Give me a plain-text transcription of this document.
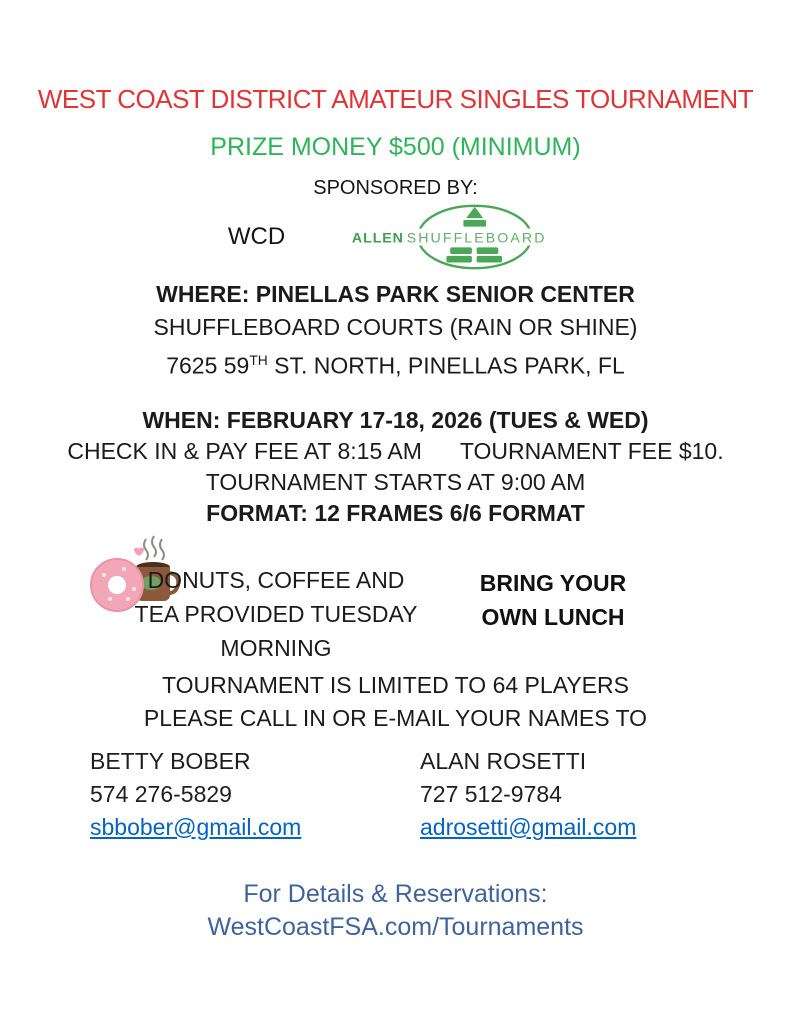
WEST COAST DISTRICT AMATEUR SINGLES TOURNAMENT
PRIZE MONEY $500 (MINIMUM)
SPONSORED BY:
WCD	ALLEN SHUFFLEBOARD
WHERE: PINELLAS PARK SENIOR CENTER
SHUFFLEBOARD COURTS (RAIN OR SHINE)
7625 59TH ST. NORTH, PINELLAS PARK, FL
WHEN: FEBRUARY 17-18, 2026 (TUES & WED)
CHECK IN & PAY FEE AT 8:15 AM TOURNAMENT FEE $10.
TOURNAMENT STARTS AT 9:00 AM
FORMAT: 12 FRAMES 6/6 FORMAT
DONUTS, COFFEE AND
TEA PROVIDED TUESDAY
MORNING
BRING YOUR
OWN LUNCH
TOURNAMENT IS LIMITED TO 64 PLAYERS
PLEASE CALL IN OR E-MAIL YOUR NAMES TO
BETTY BOBER
574 276-5829
sbbober@gmail.com
ALAN ROSETTI
727 512-9784
adrosetti@gmail.com
For Details & Reservations:
WestCoastFSA.com/Tournaments
